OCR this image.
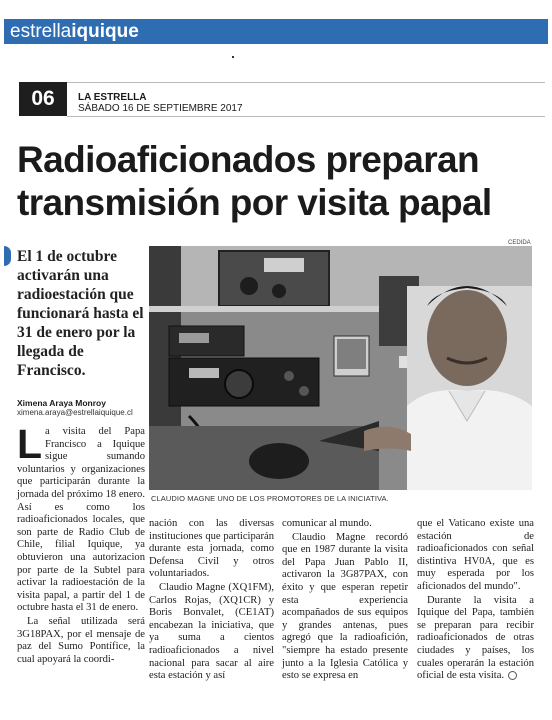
estrellaiquique
06	LA ESTRELLA
SÁBADO 16 DE SEPTIEMBRE 2017
Radioaficionados preparan
transmisión por visita papal
CEDIDA
El 1 de octubre activarán una radioestación que funcionará hasta el 31 de enero por la llegada de Francisco.
Ximena Araya Monroy
ximena.araya@estrellaiquique.cl
CLAUDIO MAGNE UNO DE LOS PROMOTORES DE LA INICIATIVA.

La visita del Papa Francisco a Iquique sigue sumando voluntarios y organizaciones que participarán durante la jornada del próximo 18 enero. Así es como los radioaficionados locales, que son parte de Radio Club de Chile, filial Iquique, ya obtuvieron una autorizacion por parte de la Subtel para activar la radioestación de la visita papal, a partir del 1 de octubre hasta el 31 de enero.

La señal utilizada será 3G18PAX, por el mensaje de paz del Sumo Pontífice, la cual apoyará la coordi-

nación con las diversas instituciones que participarán durante esta jornada, como Defensa Civil y otros voluntariados.

Claudio Magne (XQ1FM), Carlos Rojas, (XQ1CR) y Boris Bonvalet, (CE1AT) encabezan la iniciativa, que ya suma a cientos radioaficionados a nivel nacional para sacar al aire esta estación y así

comunicar al mundo.

Claudio Magne recordó que en 1987 durante la visita del Papa Juan Pablo II, activaron la 3G87PAX, con éxito y que esperan repetir esta experiencia acompañados de sus equipos y grandes antenas, pues agregó que la radioafición, "siempre ha estado presente junto a la Iglesia Católica y esto se expresa en

que el Vaticano existe una estación de radioaficionados con señal distintiva HV0A, que es muy esperada por los aficionados del mundo".

Durante la visita a Iquique del Papa, también se preparan para recibir radioaficionados de otras ciudades y países, los cuales operarán la estación oficial de esta visita.
